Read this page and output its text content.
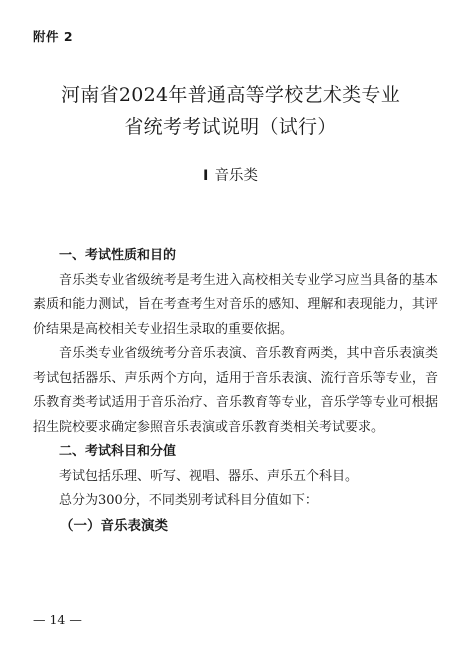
附件 2
河南省2024年普通高等学校艺术类专业
省统考考试说明（试行）
I 音乐类

一、考试性质和目的

音乐类专业省级统考是考生进入高校相关专业学习应当具备的基本素质和能力测试，旨在考查考生对音乐的感知、理解和表现能力，其评价结果是高校相关专业招生录取的重要依据。

音乐类专业省级统考分音乐表演、音乐教育两类，其中音乐表演类考试包括器乐、声乐两个方向，适用于音乐表演、流行音乐等专业，音乐教育类考试适用于音乐治疗、音乐教育等专业，音乐学等专业可根据招生院校要求确定参照音乐表演或音乐教育类相关考试要求。

二、考试科目和分值

考试包括乐理、听写、视唱、器乐、声乐五个科目。

总分为300分，不同类别考试科目分值如下：

（一）音乐表演类

— 14 —
